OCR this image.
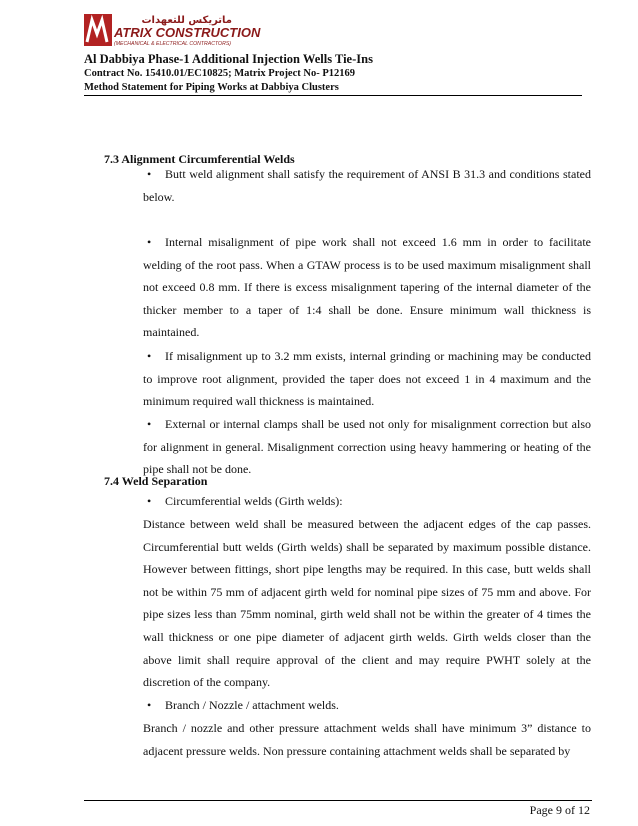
ماتريكس للتعهدات
ATRIX CONSTRUCTION
(MECHANICAL & ELECTRICAL CONTRACTORS)
Al Dabbiya Phase-1 Additional Injection Wells Tie-Ins
Contract No. 15410.01/EC10825; Matrix Project No- P12169
Method Statement for Piping Works at Dabbiya Clusters
7.3 Alignment Circumferential Welds
• Butt weld alignment shall satisfy the requirement of ANSI B 31.3 and conditions stated below.
• Internal misalignment of pipe work shall not exceed 1.6 mm in order to facilitate welding of the root pass. When a GTAW process is to be used maximum misalignment shall not exceed 0.8 mm. If there is excess misalignment tapering of the internal diameter of the thicker member to a taper of 1:4 shall be done. Ensure minimum wall thickness is maintained.
• If misalignment up to 3.2 mm exists, internal grinding or machining may be conducted to improve root alignment, provided the taper does not exceed 1 in 4 maximum and the minimum required wall thickness is maintained.
• External or internal clamps shall be used not only for misalignment correction but also for alignment in general. Misalignment correction using heavy hammering or heating of the pipe shall not be done.
7.4 Weld Separation
• Circumferential welds (Girth welds):
Distance between weld shall be measured between the adjacent edges of the cap passes. Circumferential butt welds (Girth welds) shall be separated by maximum possible distance. However between fittings, short pipe lengths may be required. In this case, butt welds shall not be within 75 mm of adjacent girth weld for nominal pipe sizes of 75 mm and above. For pipe sizes less than 75mm nominal, girth weld shall not be within the greater of 4 times the wall thickness or one pipe diameter of adjacent girth welds. Girth welds closer than the above limit shall require approval of the client and may require PWHT solely at the discretion of the company.
• Branch / Nozzle / attachment welds.
Branch / nozzle and other pressure attachment welds shall have minimum 3” distance to adjacent pressure welds. Non pressure containing attachment welds shall be separated by
Page 9 of 12
